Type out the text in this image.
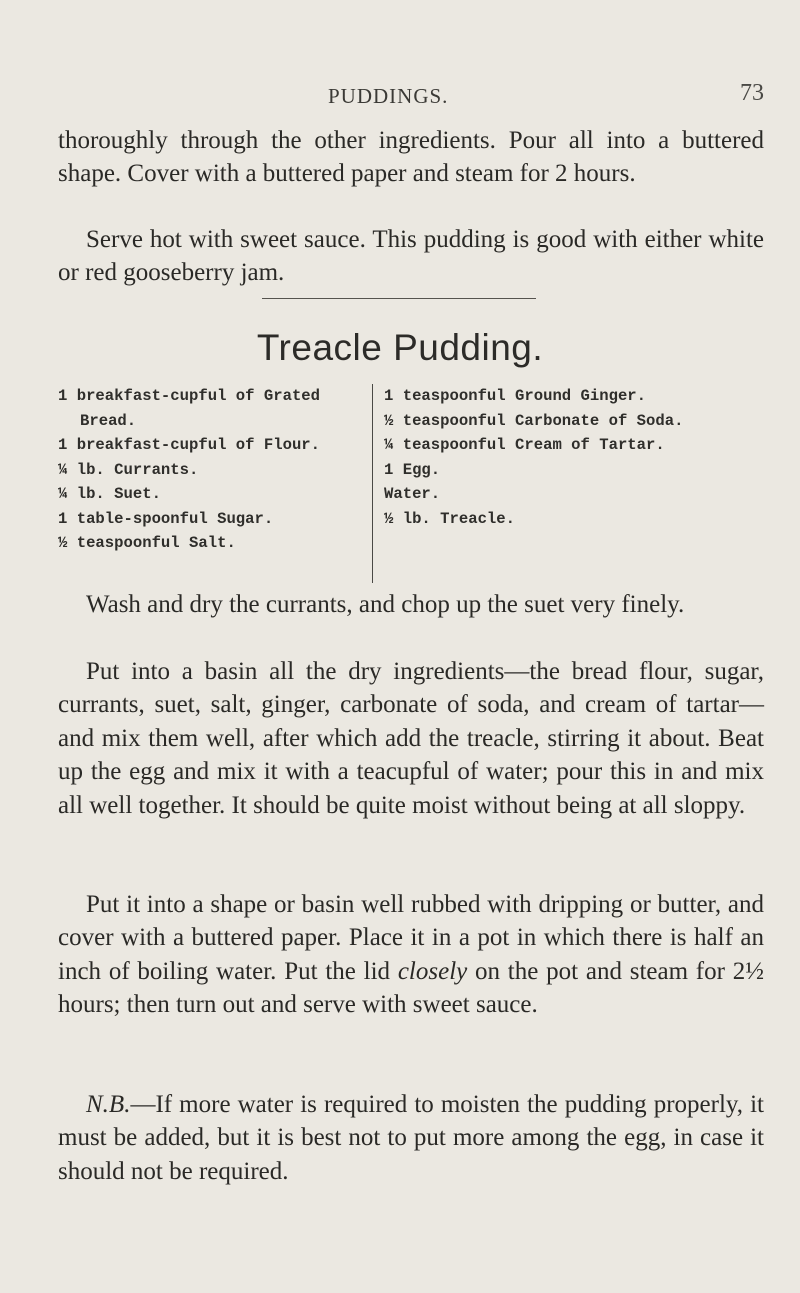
PUDDINGS.	73

thoroughly through the other ingredients. Pour all into a buttered shape. Cover with a buttered paper and steam for 2 hours.

Serve hot with sweet sauce. This pudding is good with either white or red gooseberry jam.

Treacle Pudding.
1 breakfast-cupful of Grated
Bread.
1 breakfast-cupful of Flour.
¼ lb. Currants.
¼ lb. Suet.
1 table-spoonful Sugar.
½ teaspoonful Salt.
1 teaspoonful Ground Ginger.
½ teaspoonful Carbonate of Soda.
¼ teaspoonful Cream of Tartar.
1 Egg.
Water.
½ lb. Treacle.

Wash and dry the currants, and chop up the suet very finely.

Put into a basin all the dry ingredients—the bread flour, sugar, currants, suet, salt, ginger, carbonate of soda, and cream of tartar—and mix them well, after which add the treacle, stirring it about. Beat up the egg and mix it with a teacupful of water; pour this in and mix all well together. It should be quite moist without being at all sloppy.

Put it into a shape or basin well rubbed with dripping or butter, and cover with a buttered paper. Place it in a pot in which there is half an inch of boiling water. Put the lid closely on the pot and steam for 2½ hours; then turn out and serve with sweet sauce.

N.B.—If more water is required to moisten the pudding properly, it must be added, but it is best not to put more among the egg, in case it should not be required.
